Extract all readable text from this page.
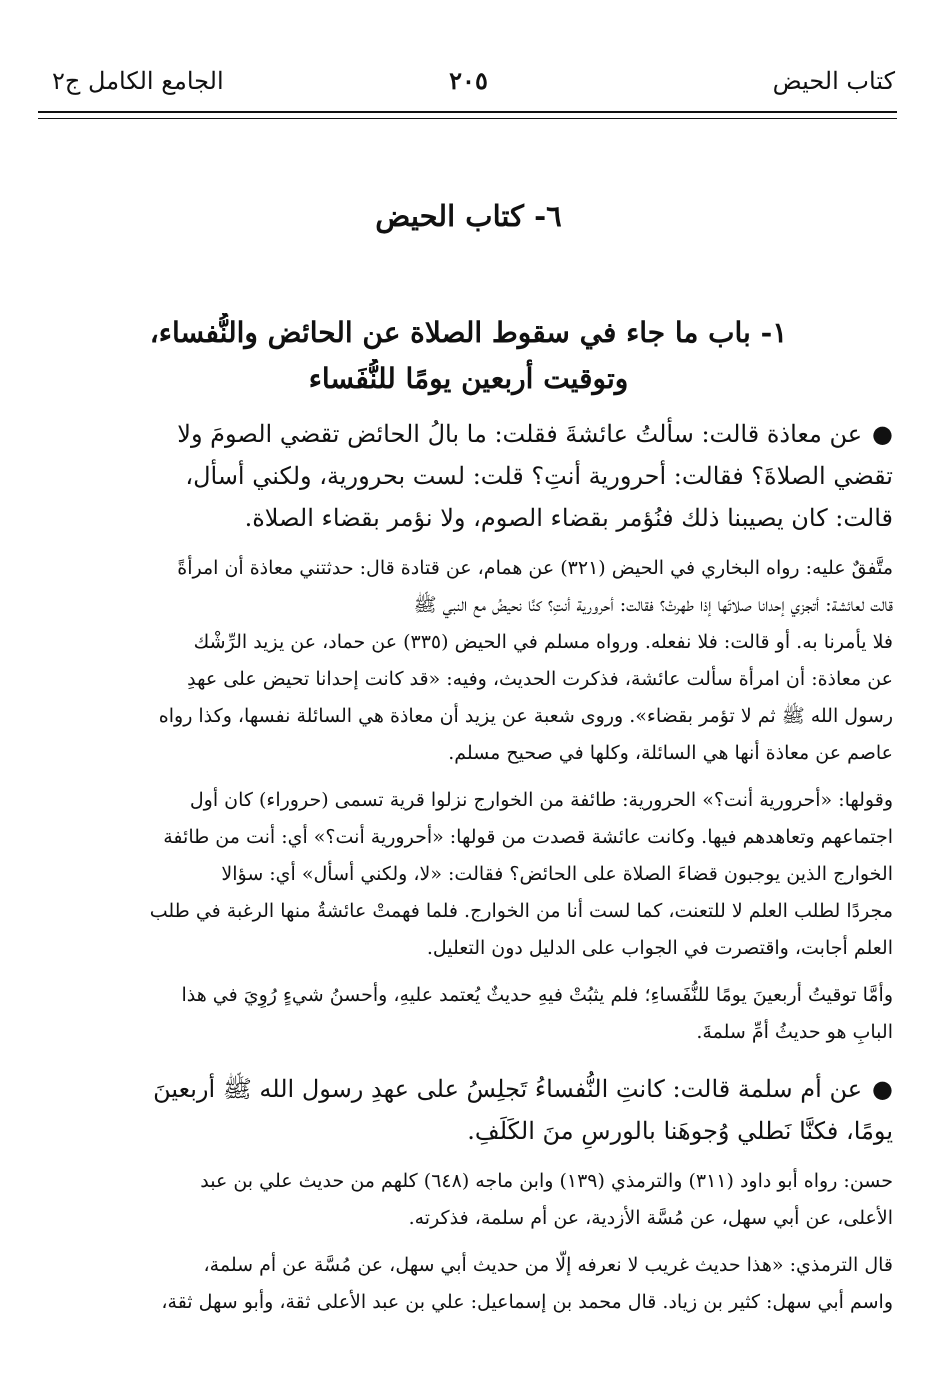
كتاب الحيض
٢٠٥
الجامع الكامل ج٢
٦- كتاب الحيض
١- باب ما جاء في سقوط الصلاة عن الحائض والنُّفساء،
وتوقيت أربعين يومًا للنُّفَساء
●عن معاذة قالت: سألتُ عائشةَ فقلت: ما بالُ الحائض تقضي الصومَ ولا
تقضي الصلاةَ؟ فقالت: أحرورية أنتِ؟ قلت: لست بحرورية، ولكني أسأل،
قالت: كان يصيبنا ذلك فنُؤمر بقضاء الصوم، ولا نؤمر بقضاء الصلاة.
متَّفقٌ عليه: رواه البخاري في الحيض (٣٢١) عن همام، عن قتادة قال: حدثتني معاذة أن امرأةً
قالت لعائشة: أتجزي إحدانا صلاتَها إذا طهرتْ؟ فقالت: أحرورية أنتِ؟ كنَّا نحيضُ مع النبي ﷺ
فلا يأمرنا به. أو قالت: فلا نفعله. ورواه مسلم في الحيض (٣٣٥) عن حماد، عن يزيد الرِّشْك
عن معاذة: أن امرأة سألت عائشة، فذكرت الحديث، وفيه: «قد كانت إحدانا تحيض على عهدِ
رسول الله ﷺ ثم لا تؤمر بقضاء». وروى شعبة عن يزيد أن معاذة هي السائلة نفسها، وكذا رواه
عاصم عن معاذة أنها هي السائلة، وكلها في صحيح مسلم.
وقولها: «أحرورية أنت؟» الحرورية: طائفة من الخوارج نزلوا قرية تسمى (حروراء) كان أول
اجتماعهم وتعاهدهم فيها. وكانت عائشة قصدت من قولها: «أحرورية أنت؟» أي: أنت من طائفة
الخوارج الذين يوجبون قضاءَ الصلاة على الحائض؟ فقالت: «لا، ولكني أسأل» أي: سؤالا
مجردًا لطلب العلم لا للتعنت، كما لست أنا من الخوارج. فلما فهمتْ عائشةُ منها الرغبة في طلب
العلم أجابت، واقتصرت في الجواب على الدليل دون التعليل.
وأمَّا توقيتُ أربعينَ يومًا للنُّفَساءِ؛ فلم يثبُتْ فيهِ حديثٌ يُعتمد عليهِ، وأحسنُ شيءٍ رُوِيَ في هذا
البابِ هو حديثُ أمِّ سلمةَ.
●عن أم سلمة قالت: كانتِ النُّفساءُ تَجلِسُ على عهدِ رسول الله ﷺ أربعينَ
يومًا، فكنَّا نَطلي وُجوهَنا بالورسِ منَ الكَلَفِ.
حسن: رواه أبو داود (٣١١) والترمذي (١٣٩) وابن ماجه (٦٤٨) كلهم من حديث علي بن عبد
الأعلى، عن أبي سهل، عن مُسَّة الأزدية، عن أم سلمة، فذكرته.
قال الترمذي: «هذا حديث غريب لا نعرفه إلَّا من حديث أبي سهل، عن مُسَّة عن أم سلمة،
واسم أبي سهل: كثير بن زياد. قال محمد بن إسماعيل: علي بن عبد الأعلى ثقة، وأبو سهل ثقة،
